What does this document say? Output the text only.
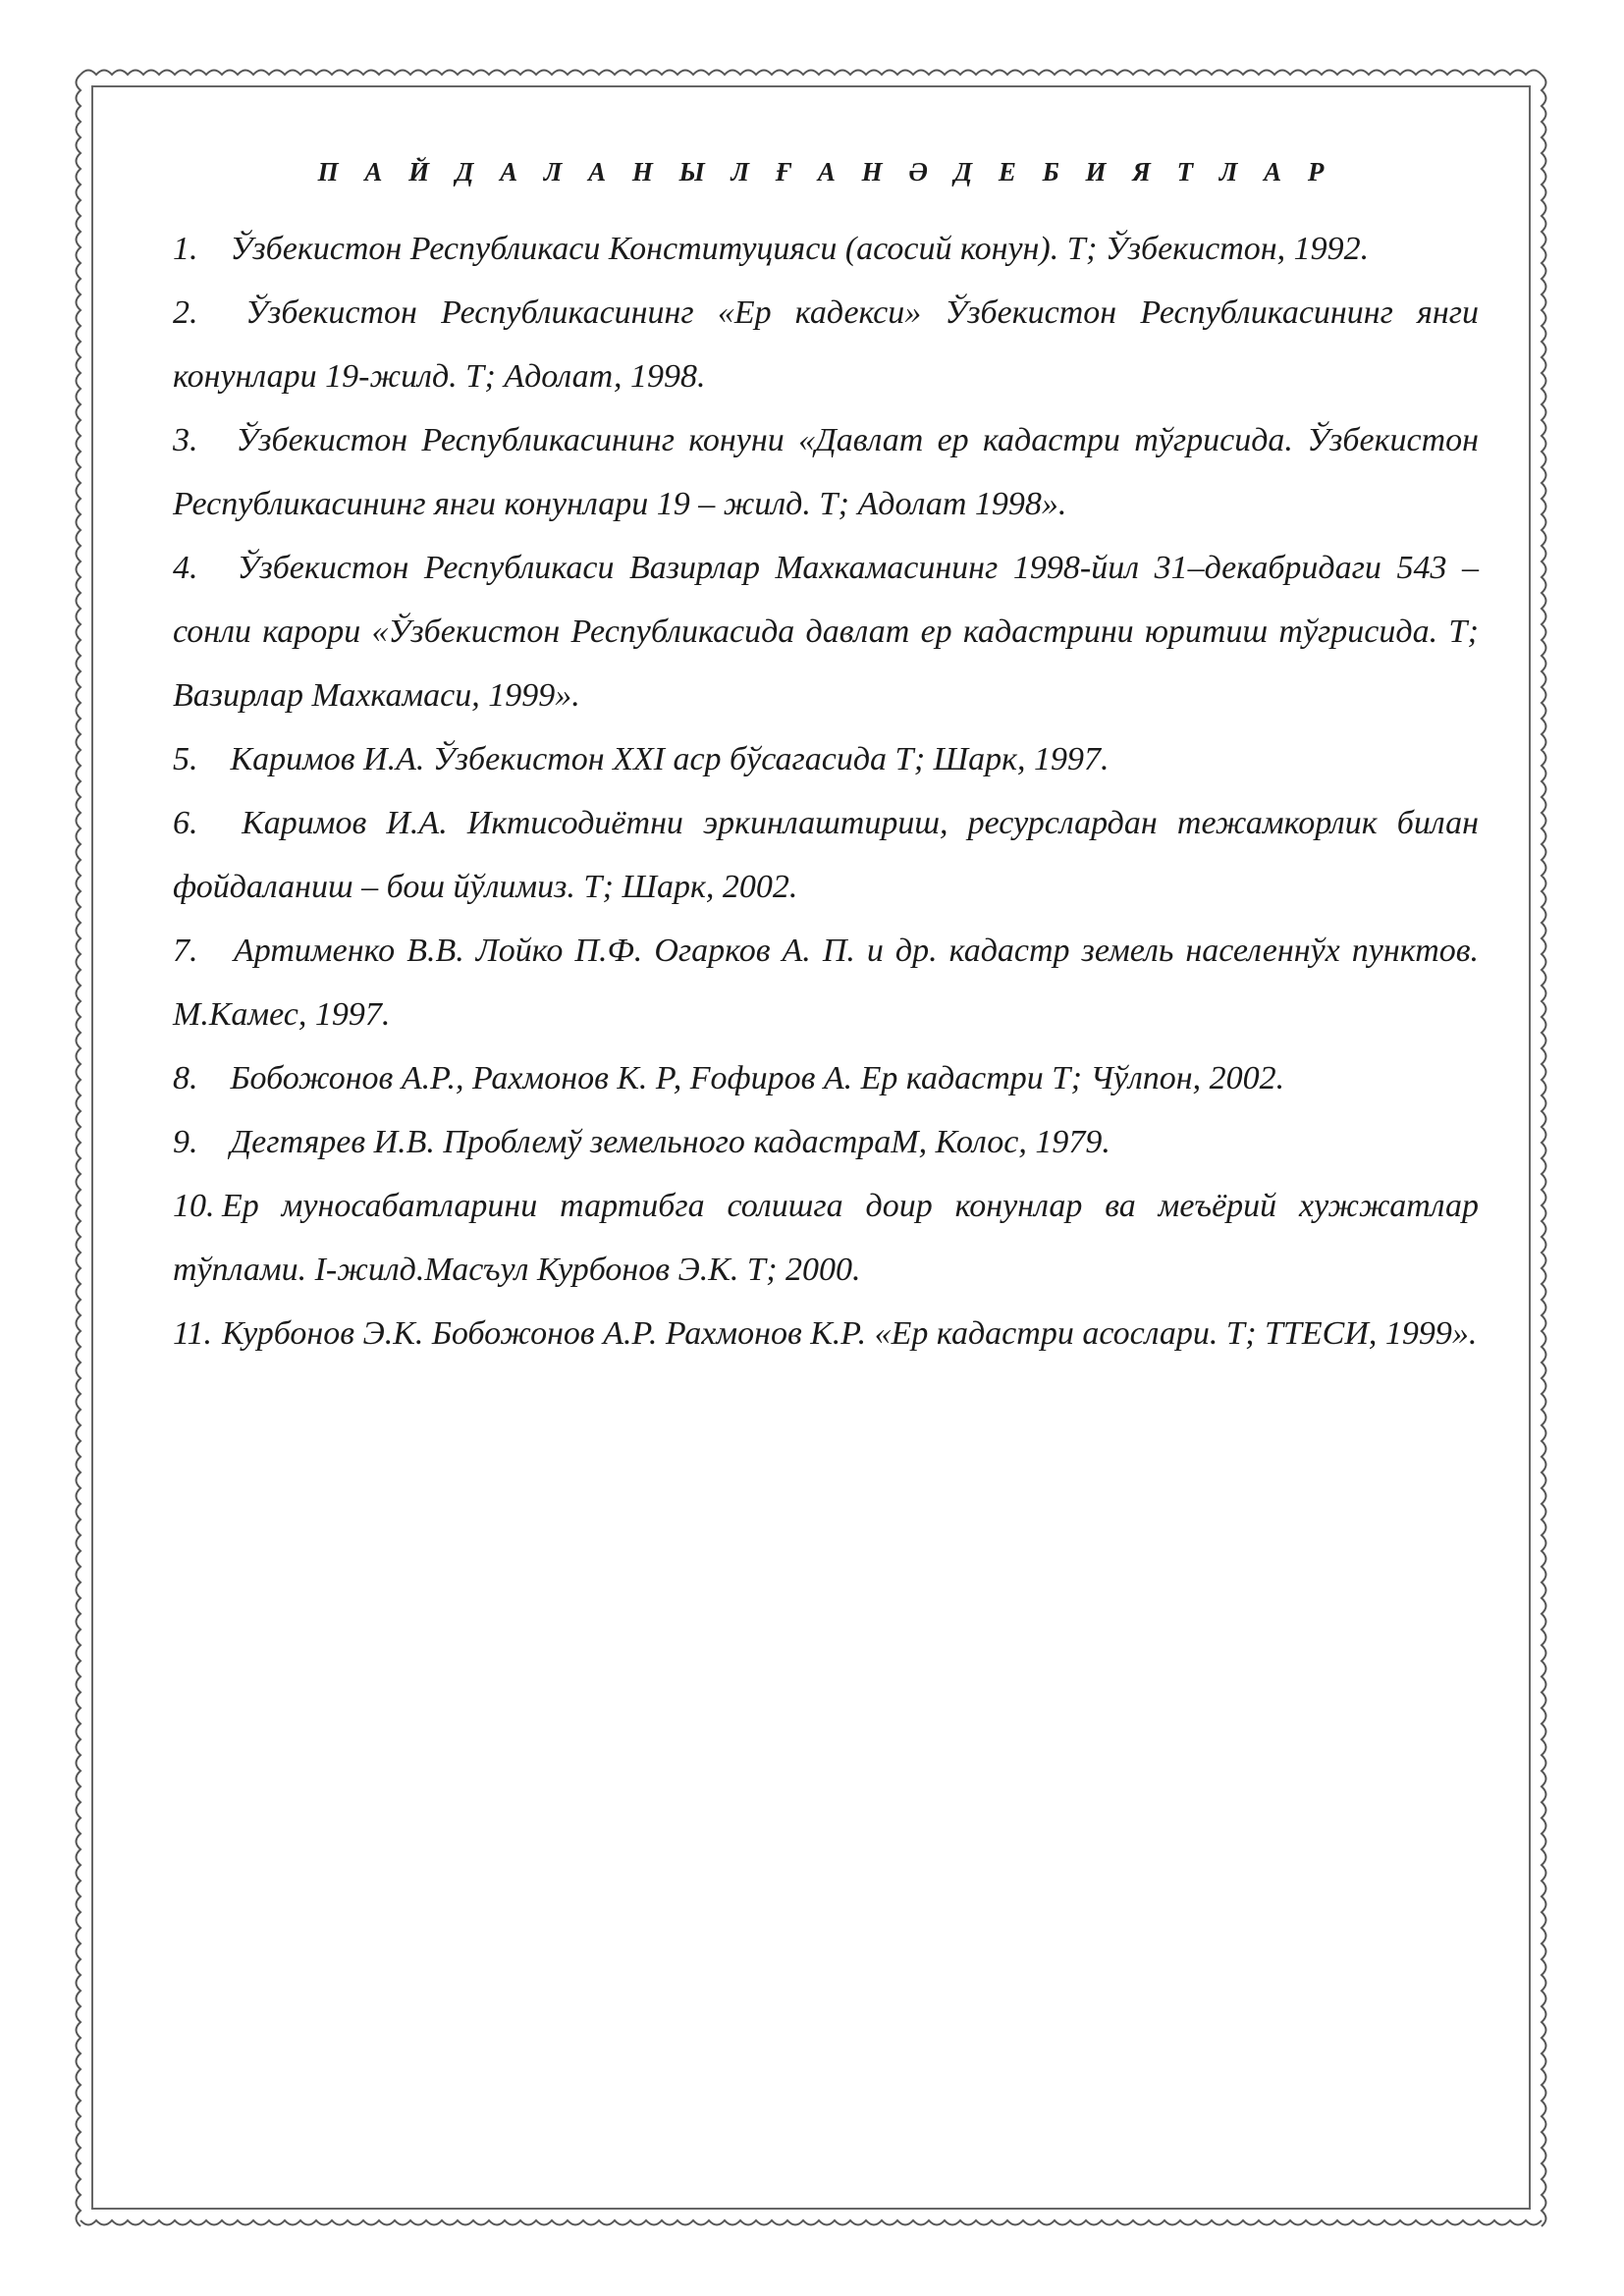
П А Й Д А Л А Н Ы Л Ғ А Н Ә Д Е Б И Я Т Л А Р
1. Ўзбекистон Республикаси Конституцияси (асосий конун). Т; Ўзбекистон, 1992.
2. Ўзбекистон Республикасининг «Ер кадекси» Ўзбекистон Республикасининг янги конунлари 19-жилд. Т; Адолат, 1998.
3. Ўзбекистон Республикасининг конуни «Давлат ер кадастри тўгрисида. Ўзбекистон Республикасининг янги конунлари 19 – жилд. Т; Адолат 1998».
4. Ўзбекистон Республикаси Вазирлар Махкамасининг 1998-йил 31–декабридаги 543 – сонли карори «Ўзбекистон Республикасида давлат ер кадастрини юритиш тўгрисида. Т; Вазирлар Махкамаси, 1999».
5. Каримов И.А. Ўзбекистон XXI аср бўсагасида Т; Шарк, 1997.
6. Каримов И.А. Иктисодиётни эркинлаштириш, ресурслардан тежамкорлик билан фойдаланиш – бош йўлимиз. Т; Шарк, 2002.
7. Артименко В.В. Лойко П.Ф. Огарков А. П. и др. кадастр земель населеннўх пунктов. М.Камес, 1997.
8. Бобожонов А.Р., Рахмонов К. Р, Fофиров А. Ер кадастри Т; Чўлпон, 2002.
9. Дегтярев И.В. Проблемў земельного кадастраМ, Колос, 1979.
10. Ер муносабатларини тартибга солишга доир конунлар ва меъёрий хужжатлар тўплами. I-жилд.Масъул Курбонов Э.К. Т; 2000.
11. Курбонов Э.К. Бобожонов А.Р. Рахмонов К.Р. «Ер кадастри асослари. Т; ТТЕСИ, 1999».
